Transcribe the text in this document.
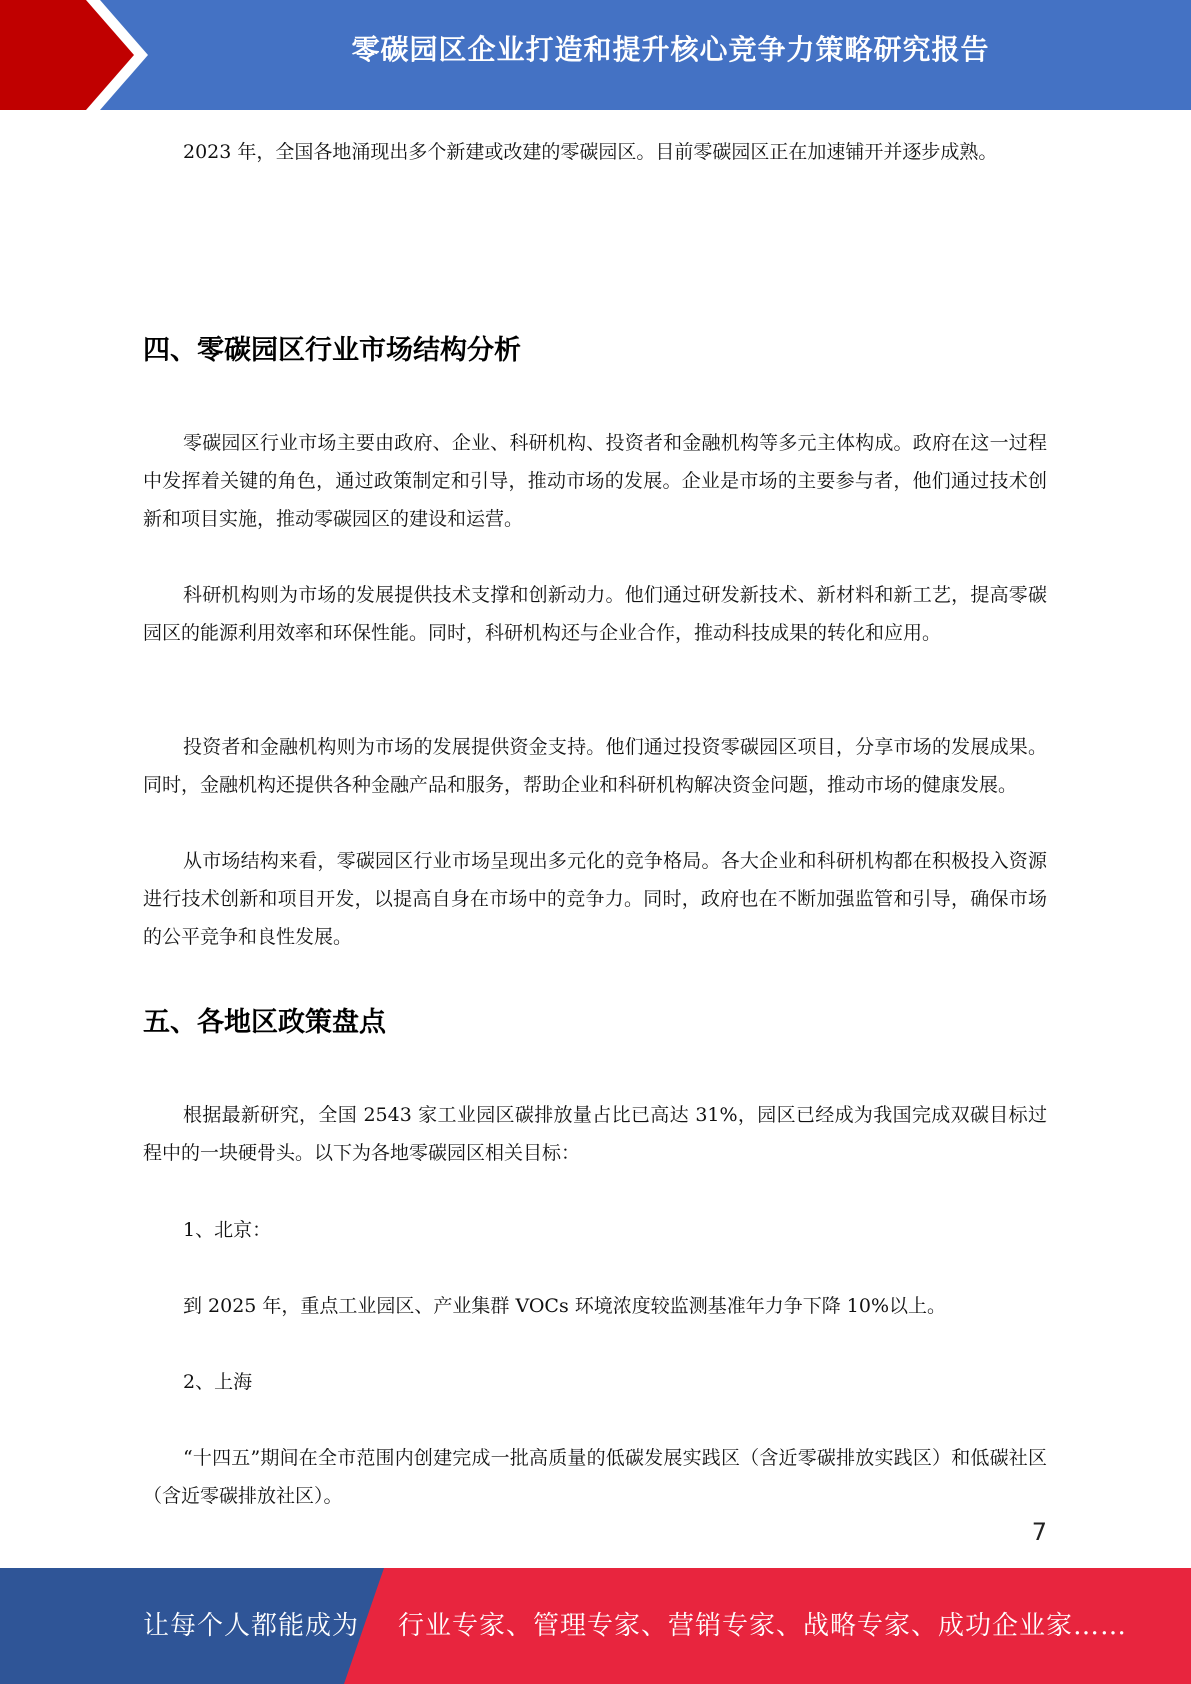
零碳园区企业打造和提升核心竞争力策略研究报告

2023 年，全国各地涌现出多个新建或改建的零碳园区。目前零碳园区正在加速铺开并逐步成熟。

四、零碳园区行业市场结构分析

零碳园区行业市场主要由政府、企业、科研机构、投资者和金融机构等多元主体构成。政府在这一过程中发挥着关键的角色，通过政策制定和引导，推动市场的发展。企业是市场的主要参与者，他们通过技术创新和项目实施，推动零碳园区的建设和运营。

科研机构则为市场的发展提供技术支撑和创新动力。他们通过研发新技术、新材料和新工艺，提高零碳园区的能源利用效率和环保性能。同时，科研机构还与企业合作，推动科技成果的转化和应用。

投资者和金融机构则为市场的发展提供资金支持。他们通过投资零碳园区项目，分享市场的发展成果。同时，金融机构还提供各种金融产品和服务，帮助企业和科研机构解决资金问题，推动市场的健康发展。

从市场结构来看，零碳园区行业市场呈现出多元化的竞争格局。各大企业和科研机构都在积极投入资源进行技术创新和项目开发，以提高自身在市场中的竞争力。同时，政府也在不断加强监管和引导，确保市场的公平竞争和良性发展。

五、各地区政策盘点

根据最新研究，全国 2543 家工业园区碳排放量占比已高达 31%，园区已经成为我国完成双碳目标过程中的一块硬骨头。以下为各地零碳园区相关目标：

1、北京：

到 2025 年，重点工业园区、产业集群 VOCs 环境浓度较监测基准年力争下降 10%以上。

2、上海

“十四五”期间在全市范围内创建完成一批高质量的低碳发展实践区（含近零碳排放实践区）和低碳社区（含近零碳排放社区）。

7
让每个人都能成为 行业专家、管理专家、营销专家、战略专家、成功企业家……
